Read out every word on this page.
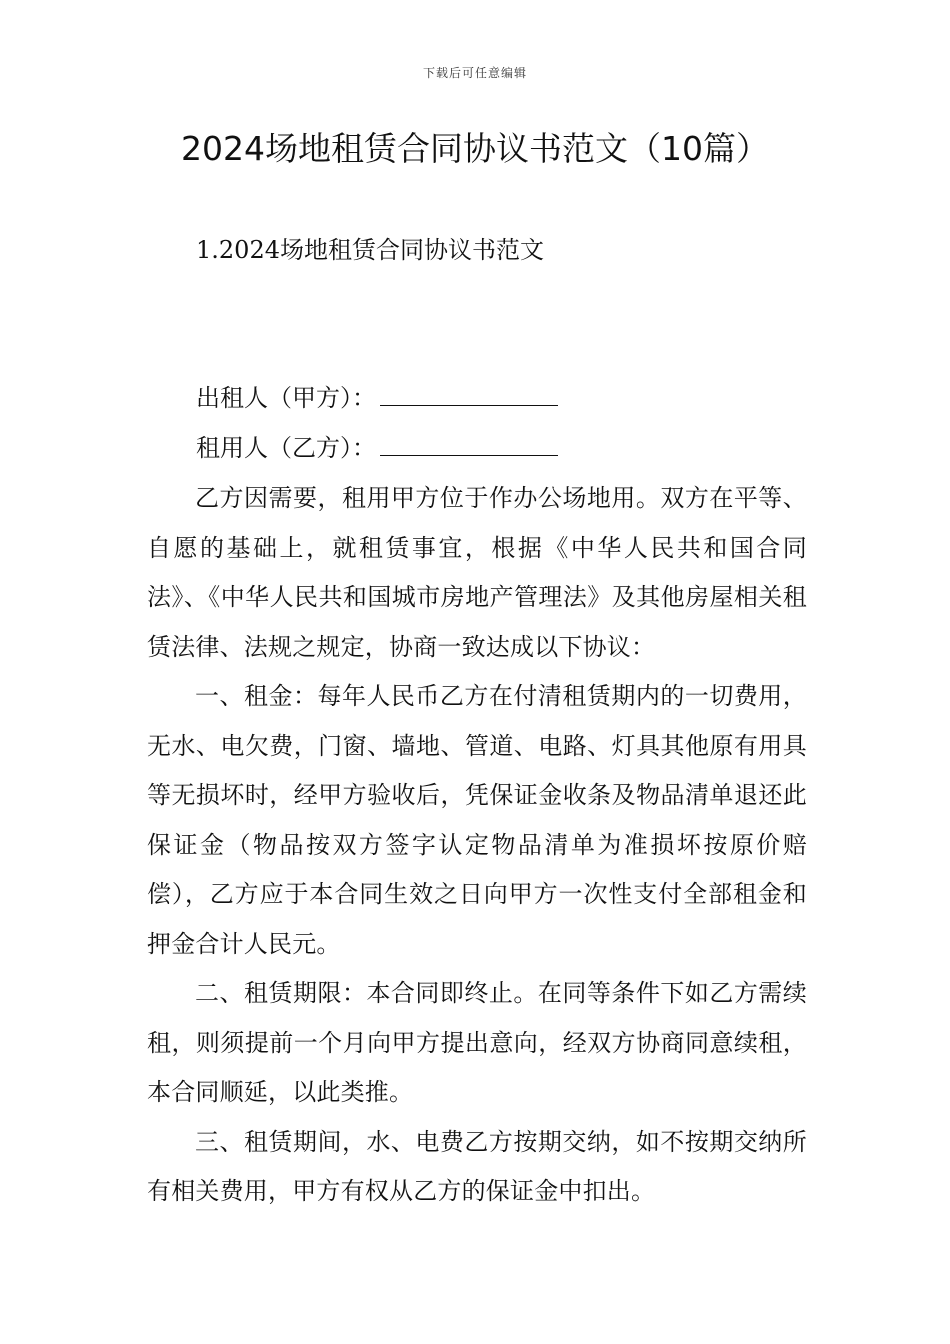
下载后可任意编辑
2024场地租赁合同协议书范文（10篇）
1.2024场地租赁合同协议书范文
出租人（甲方）：
租用人（乙方）：

乙方因需要，租用甲方位于作办公场地用。双方在平等、自愿的基础上，就租赁事宜，根据《中华人民共和国合同法》、《中华人民共和国城市房地产管理法》及其他房屋相关租赁法律、法规之规定，协商一致达成以下协议：

一、租金：每年人民币乙方在付清租赁期内的一切费用，无水、电欠费，门窗、墙地、管道、电路、灯具其他原有用具等无损坏时，经甲方验收后，凭保证金收条及物品清单退还此保证金（物品按双方签字认定物品清单为准损坏按原价赔偿），乙方应于本合同生效之日向甲方一次性支付全部租金和押金合计人民元。

二、租赁期限：本合同即终止。在同等条件下如乙方需续租，则须提前一个月向甲方提出意向，经双方协商同意续租，本合同顺延，以此类推。

三、租赁期间，水、电费乙方按期交纳，如不按期交纳所有相关费用，甲方有权从乙方的保证金中扣出。
